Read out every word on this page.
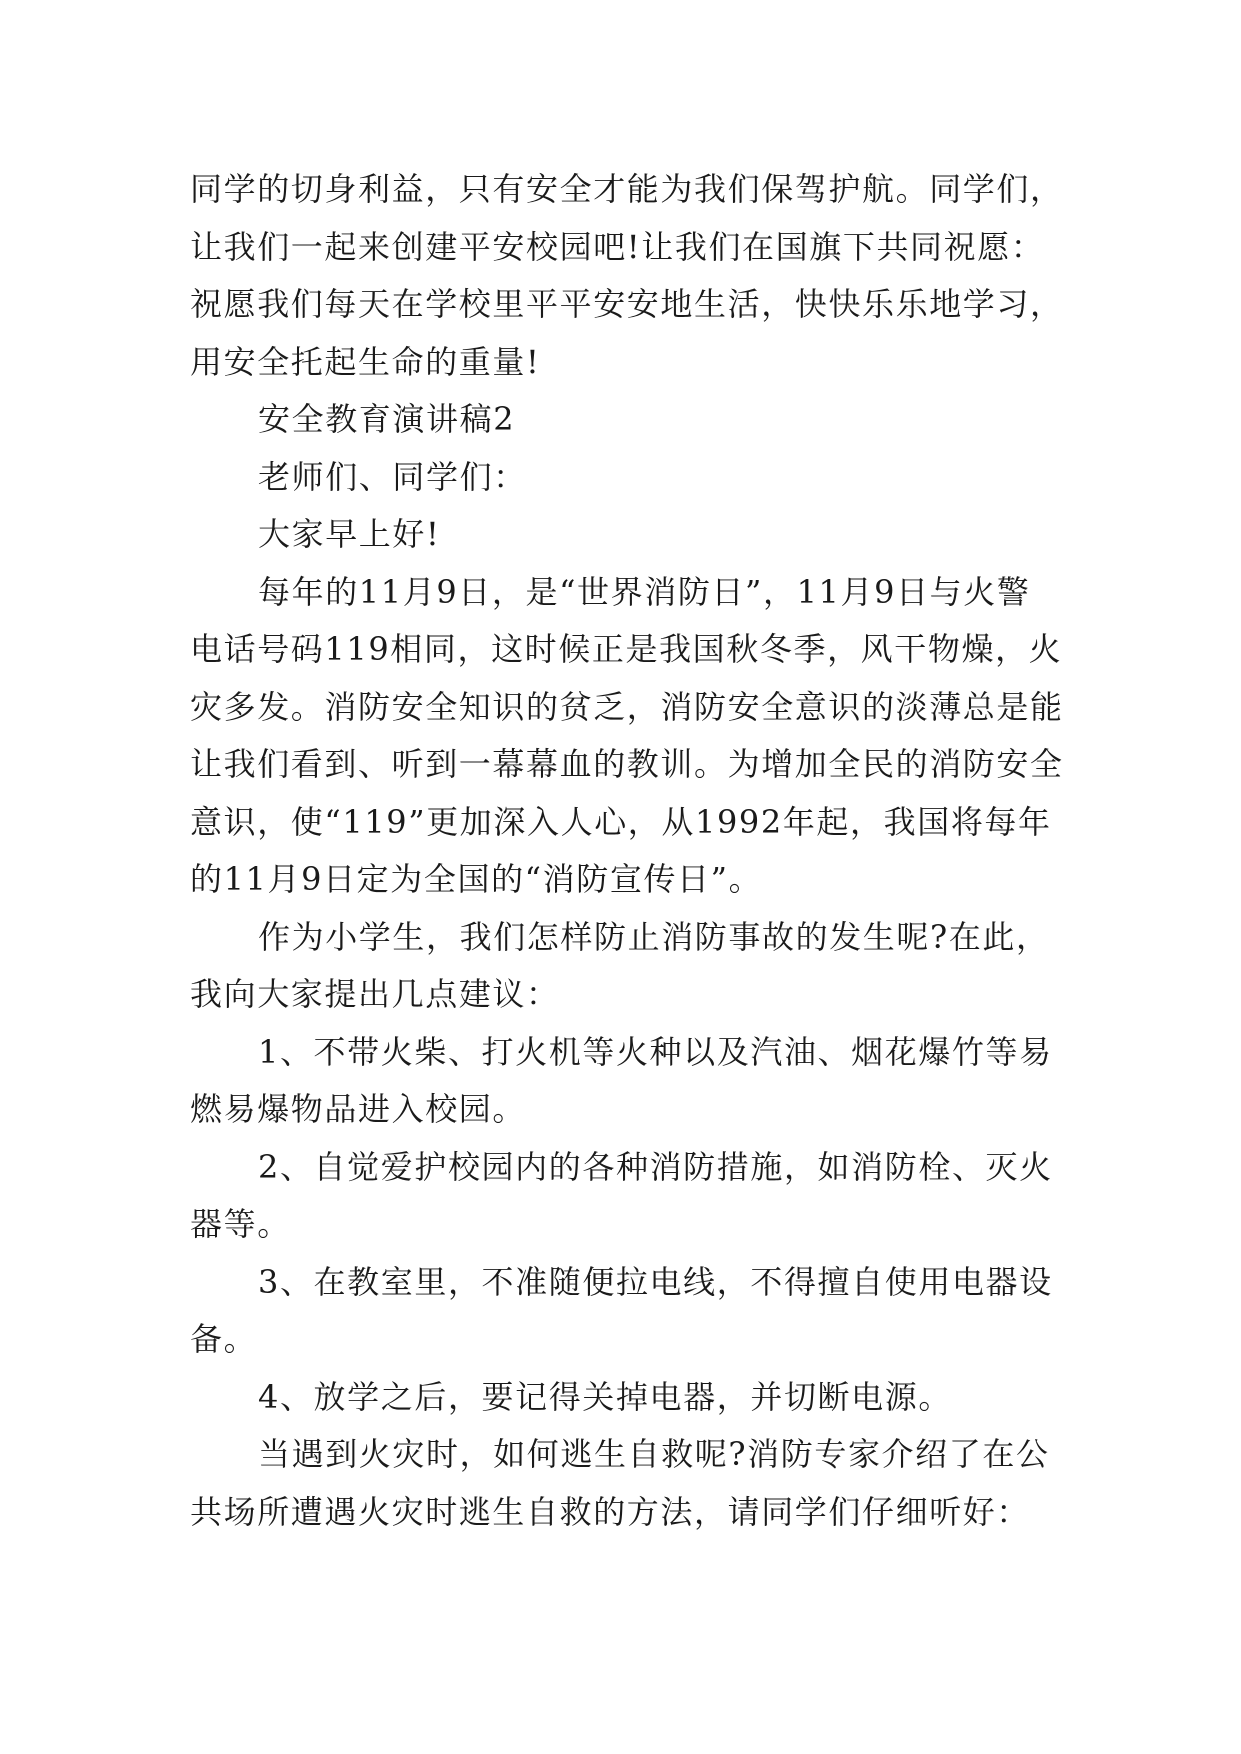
同学的切身利益，只有安全才能为我们保驾护航。同学们，
让我们一起来创建平安校园吧!让我们在国旗下共同祝愿：
祝愿我们每天在学校里平平安安地生活，快快乐乐地学习，
用安全托起生命的重量!
安全教育演讲稿2
老师们、同学们：
大家早上好!
每年的11月9日，是“世界消防日”，11月9日与火警
电话号码119相同，这时候正是我国秋冬季，风干物燥，火
灾多发。消防安全知识的贫乏，消防安全意识的淡薄总是能
让我们看到、听到一幕幕血的教训。为增加全民的消防安全
意识，使“119”更加深入人心，从1992年起，我国将每年
的11月9日定为全国的“消防宣传日”。
作为小学生，我们怎样防止消防事故的发生呢?在此，
我向大家提出几点建议：
1、不带火柴、打火机等火种以及汽油、烟花爆竹等易
燃易爆物品进入校园。
2、自觉爱护校园内的各种消防措施，如消防栓、灭火
器等。
3、在教室里，不准随便拉电线，不得擅自使用电器设
备。
4、放学之后，要记得关掉电器，并切断电源。
当遇到火灾时，如何逃生自救呢?消防专家介绍了在公
共场所遭遇火灾时逃生自救的方法，请同学们仔细听好：
